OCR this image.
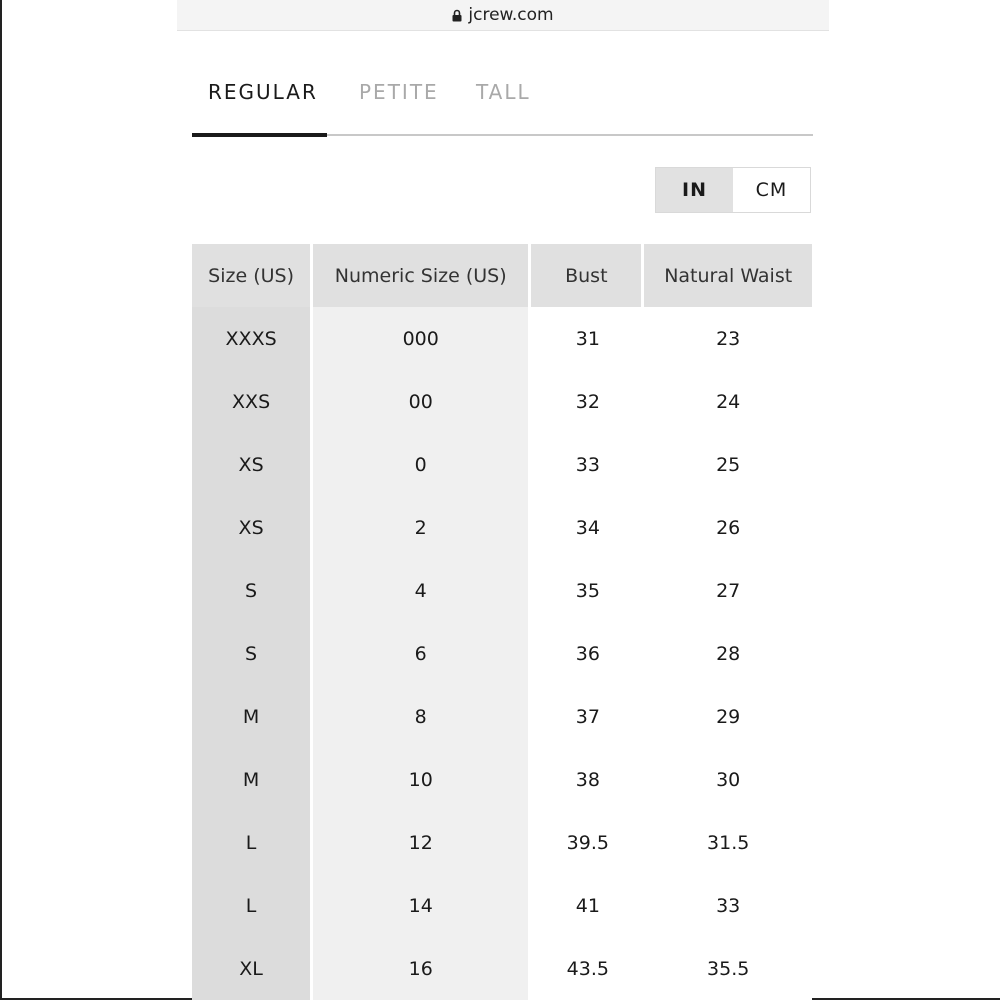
jcrew.com
REGULAR PETITE TALL
IN	CM
Size (US)	Numeric Size (US)	Bust	Natural Waist
XXXS	000	31	23
XXS	00	32	24
XS	0	33	25
XS	2	34	26
S	4	35	27
S	6	36	28
M	8	37	29
M	10	38	30
L	12	39.5	31.5
L	14	41	33
XL	16	43.5	35.5
